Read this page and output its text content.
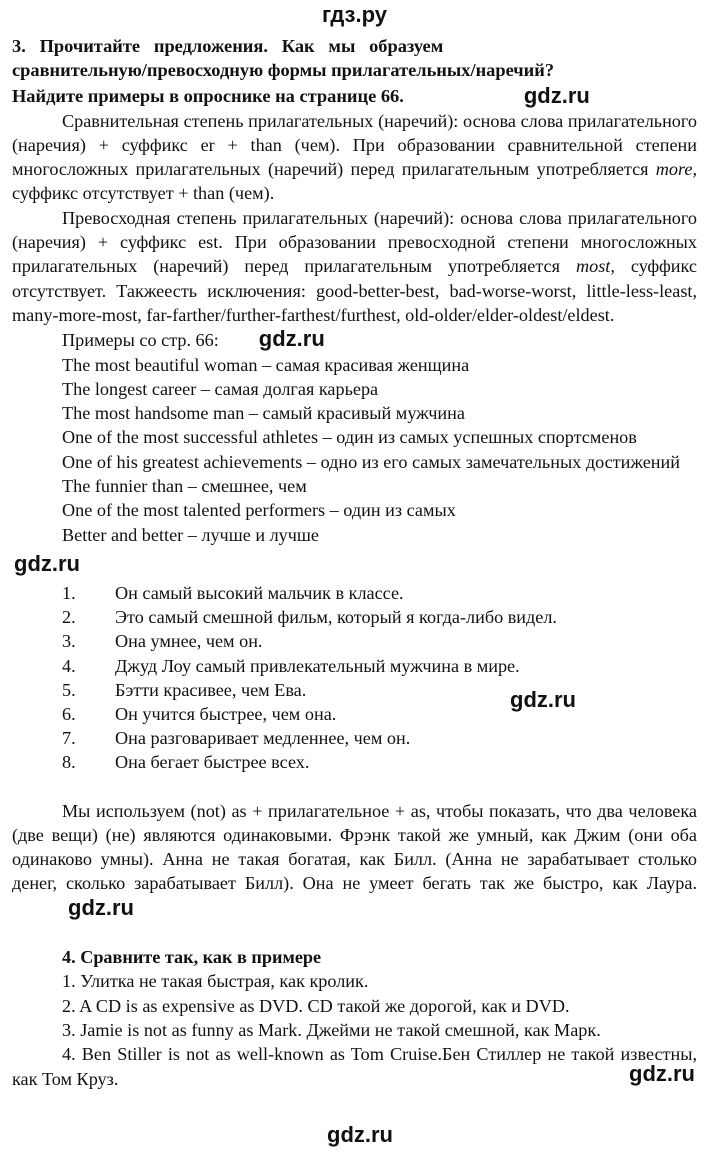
гдз.ру

3.   Прочитайте   предложения.   Как   мы   образуем

сравнительную/превосходную формы прилагательных/наречий?

Найдите примеры в опроснике на странице 66.	gdz.ru

Сравнительная степень прилагательных (наречий): основа слова прилагательного (наречия) + суффикс er + than (чем). При образовании сравнительной степени многосложных прилагательных (наречий) перед прилагательным употребляется more, суффикс отсутствует + than (чем).

Превосходная степень прилагательных (наречий): основа слова прилагательного (наречия) + суффикс est. При образовании превосходной степени многосложных прилагательных (наречий) перед прилагательным употребляется most, суффикс отсутствует. Такжеесть исключения: good-better-best, bad-worse-worst, little-less-least, many-more-most, far-farther/further-farthest/furthest, old-older/elder-oldest/eldest.

Примеры со стр. 66: gdz.ru

The most beautiful woman – самая красивая женщина

The longest career – самая долгая карьера

The most handsome man – самый красивый мужчина

One of the most successful athletes – один из самых успешных спортсменов

One of his greatest achievements – одно из его самых замечательных достижений

The funnier than – смешнее, чем

One of the most talented performers – один из самых

Better and better – лучше и лучше

gdz.ru
1.	Он самый высокий мальчик в классе.
2.	Это самый смешной фильм, который я когда-либо видел.
3.	Она умнее, чем он.
4.	Джуд Лоу самый привлекательный мужчина в мире.
5.	Бэтти красивее, чем Ева.
6.	Он учится быстрее, чем она.
gdz.ru
7.	Она разговаривает медленнее, чем он.
8.	Она бегает быстрее всех.

Мы используем (not) as + прилагательное + as, чтобы показать, что два человека (две вещи) (не) являются одинаковыми. Фрэнк такой же умный, как Джим (они оба одинаково умны). Анна не такая богатая, как Билл. (Анна не зарабатывает столько денег, сколько зарабатывает Билл). Она не умеет бегать так же быстро, как Лаура.gdz.ru

4. Сравните так, как в примере

1. Улитка не такая быстрая, как кролик.

2. A CD is as expensive as DVD. CD такой же дорогой, как и DVD.

3. Jamie is not as funny as Mark. Джейми не такой смешной, как Марк.

4. Ben Stiller is not as well-known as Tom Cruise.Бен Стиллер не такой известны, как Том Круз.	gdz.ru
gdz.ru
